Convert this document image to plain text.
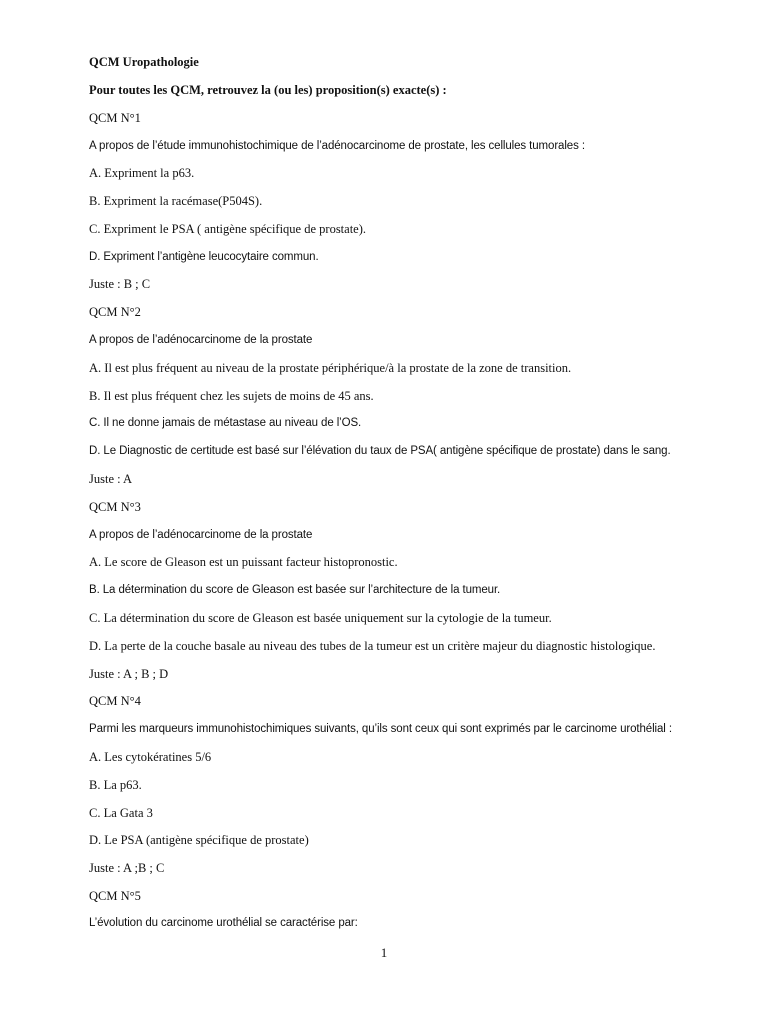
QCM Uropathologie
Pour toutes les QCM, retrouvez la (ou les) proposition(s) exacte(s) :
QCM N°1
A propos de l’étude immunohistochimique de l’adénocarcinome de prostate, les cellules tumorales :
A. Expriment la p63.
B. Expriment la racémase(P504S).
C. Expriment le PSA ( antigène spécifique de prostate).
D. Expriment l’antigène leucocytaire commun.
Juste : B ; C
QCM N°2
A propos de l’adénocarcinome de la prostate
A. Il est plus fréquent au niveau de la prostate périphérique/à la prostate de la zone de transition.
B. Il est plus fréquent chez les sujets de moins de 45 ans.
C. Il ne donne jamais de métastase au niveau de l’OS.
D. Le Diagnostic de certitude est basé sur l’élévation du taux de PSA( antigène spécifique de prostate) dans le sang.
Juste : A
QCM N°3
A propos de l’adénocarcinome de la prostate
A. Le score de Gleason est un puissant facteur histopronostic.
B. La détermination du score de Gleason est basée sur l’architecture de la tumeur.
C. La détermination du score de Gleason est basée uniquement sur la cytologie de la tumeur.
D. La perte de la couche basale au niveau des tubes de la tumeur est un critère majeur du diagnostic histologique.
Juste : A ; B ; D
QCM N°4
Parmi les marqueurs immunohistochimiques suivants, qu’ils sont ceux qui sont exprimés par le carcinome urothélial :
A. Les cytokératines 5/6
B. La p63.
C. La Gata 3
D. Le PSA (antigène spécifique de prostate)
Juste : A ;B ; C
QCM N°5
L’évolution du carcinome urothélial se caractérise par:
1
